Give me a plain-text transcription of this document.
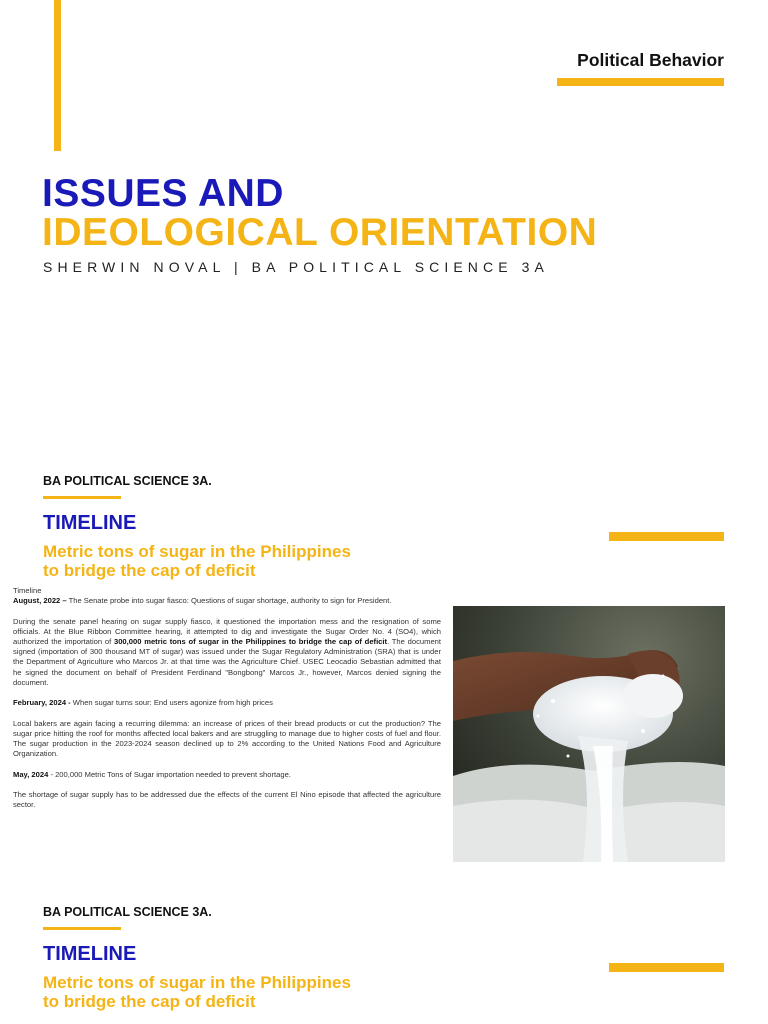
Political Behavior
ISSUES AND
IDEOLOGICAL ORIENTATION
SHERWIN NOVAL | BA POLITICAL SCIENCE 3A
BA POLITICAL SCIENCE 3A.
TIMELINE
Metric tons of sugar in the Philippines
to bridge the cap of deficit
Timeline

August, 2022 – The Senate probe into sugar fiasco: Questions of sugar shortage, authority to sign for President.

During the senate panel hearing on sugar supply fiasco, it questioned the importation mess and the resignation of some officials. At the Blue Ribbon Committee hearing, it attempted to dig and investigate the Sugar Order No. 4 (SO4), which authorized the importation of 300,000 metric tons of sugar in the Philippines to bridge the cap of deficit. The document signed (importation of 300 thousand MT of sugar) was issued under the Sugar Regulatory Administration (SRA) that is under the Department of Agriculture who Marcos Jr. at that time was the Agriculture Chief. USEC Leocadio Sebastian admitted that he signed the document on behalf of President Ferdinand "Bongbong" Marcos Jr., however, Marcos denied signing the document.

February, 2024 - When sugar turns sour: End users agonize from high prices

Local bakers are again facing a recurring dilemma: an increase of prices of their bread products or cut the production? The sugar price hitting the roof for months affected local bakers and are struggling to manage due to higher costs of fuel and flour. The sugar production in the 2023-2024 season declined up to 2% according to the United Nations Food and Agriculture Organization.

May, 2024 - 200,000 Metric Tons of Sugar importation needed to prevent shortage.

The shortage of sugar supply has to be addressed due the effects of the current El Nino episode that affected the agriculture sector.

BA POLITICAL SCIENCE 3A.
TIMELINE
Metric tons of sugar in the Philippines
to bridge the cap of deficit
